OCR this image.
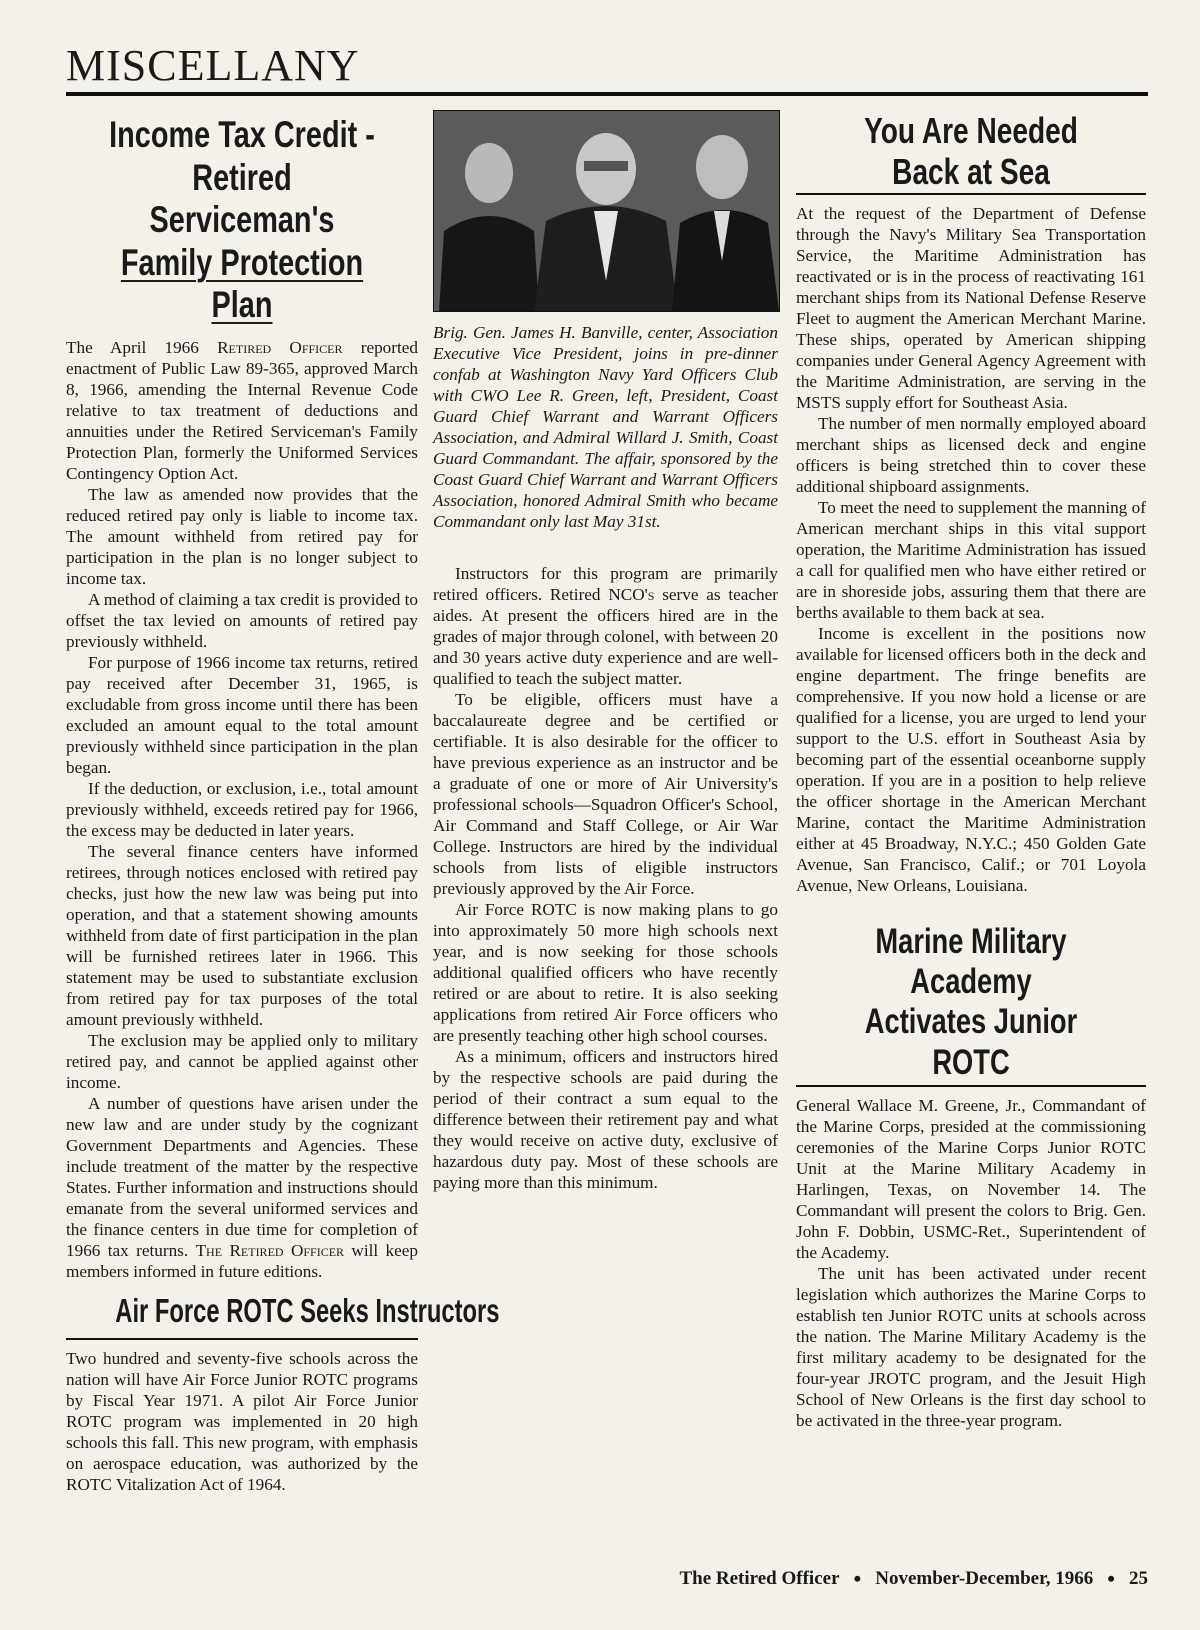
MISCELLANY
Income Tax Credit - Retired
Serviceman's
Family Protection Plan

The April 1966 Retired Officer reported enactment of Public Law 89-365, approved March 8, 1966, amending the Internal Revenue Code relative to tax treatment of deductions and annuities under the Retired Serviceman's Family Protection Plan, formerly the Uniformed Services Contingency Option Act.

The law as amended now provides that the reduced retired pay only is liable to income tax. The amount withheld from retired pay for participation in the plan is no longer subject to income tax.

A method of claiming a tax credit is provided to offset the tax levied on amounts of retired pay previously withheld.

For purpose of 1966 income tax returns, retired pay received after December 31, 1965, is excludable from gross income until there has been excluded an amount equal to the total amount previously withheld since participation in the plan began.

If the deduction, or exclusion, i.e., total amount previously withheld, exceeds retired pay for 1966, the excess may be deducted in later years.

The several finance centers have informed retirees, through notices enclosed with retired pay checks, just how the new law was being put into operation, and that a statement showing amounts withheld from date of first participation in the plan will be furnished retirees later in 1966. This statement may be used to substantiate exclusion from retired pay for tax purposes of the total amount previously withheld.

The exclusion may be applied only to military retired pay, and cannot be applied against other income.

A number of questions have arisen under the new law and are under study by the cognizant Government Departments and Agencies. These include treatment of the matter by the respective States. Further information and instructions should emanate from the several uniformed services and the finance centers in due time for completion of 1966 tax returns. The Retired Officer will keep members informed in future editions.

Air Force ROTC Seeks Instructors

Two hundred and seventy-five schools across the nation will have Air Force Junior ROTC programs by Fiscal Year 1971. A pilot Air Force Junior ROTC program was implemented in 20 high schools this fall. This new program, with emphasis on aerospace education, was authorized by the ROTC Vitalization Act of 1964.

Brig. Gen. James H. Banville, center, Association Executive Vice President, joins in pre-dinner confab at Washington Navy Yard Officers Club with CWO Lee R. Green, left, President, Coast Guard Chief Warrant and Warrant Officers Association, and Admiral Willard J. Smith, Coast Guard Commandant. The affair, sponsored by the Coast Guard Chief Warrant and Warrant Officers Association, honored Admiral Smith who became Commandant only last May 31st.

Instructors for this program are primarily retired officers. Retired NCO's serve as teacher aides. At present the officers hired are in the grades of major through colonel, with between 20 and 30 years active duty experience and are well-qualified to teach the subject matter.

To be eligible, officers must have a baccalaureate degree and be certified or certifiable. It is also desirable for the officer to have previous experience as an instructor and be a graduate of one or more of Air University's professional schools—Squadron Officer's School, Air Command and Staff College, or Air War College. Instructors are hired by the individual schools from lists of eligible instructors previously approved by the Air Force.

Air Force ROTC is now making plans to go into approximately 50 more high schools next year, and is now seeking for those schools additional qualified officers who have recently retired or are about to retire. It is also seeking applications from retired Air Force officers who are presently teaching other high school courses.

As a minimum, officers and instructors hired by the respective schools are paid during the period of their contract a sum equal to the difference between their retirement pay and what they would receive on active duty, exclusive of hazardous duty pay. Most of these schools are paying more than this minimum.

You Are Needed Back at Sea

At the request of the Department of Defense through the Navy's Military Sea Transportation Service, the Maritime Administration has reactivated or is in the process of reactivating 161 merchant ships from its National Defense Reserve Fleet to augment the American Merchant Marine. These ships, operated by American shipping companies under General Agency Agreement with the Maritime Administration, are serving in the MSTS supply effort for Southeast Asia.

The number of men normally employed aboard merchant ships as licensed deck and engine officers is being stretched thin to cover these additional shipboard assignments.

To meet the need to supplement the manning of American merchant ships in this vital support operation, the Maritime Administration has issued a call for qualified men who have either retired or are in shoreside jobs, assuring them that there are berths available to them back at sea.

Income is excellent in the positions now available for licensed officers both in the deck and engine department. The fringe benefits are comprehensive. If you now hold a license or are qualified for a license, you are urged to lend your support to the U.S. effort in Southeast Asia by becoming part of the essential oceanborne supply operation. If you are in a position to help relieve the officer shortage in the American Merchant Marine, contact the Maritime Administration either at 45 Broadway, N.Y.C.; 450 Golden Gate Avenue, San Francisco, Calif.; or 701 Loyola Avenue, New Orleans, Louisiana.

Marine Military Academy
Activates Junior ROTC

General Wallace M. Greene, Jr., Commandant of the Marine Corps, presided at the commissioning ceremonies of the Marine Corps Junior ROTC Unit at the Marine Military Academy in Harlingen, Texas, on November 14. The Commandant will present the colors to Brig. Gen. John F. Dobbin, USMC-Ret., Superintendent of the Academy.

The unit has been activated under recent legislation which authorizes the Marine Corps to establish ten Junior ROTC units at schools across the nation. The Marine Military Academy is the first military academy to be designated for the four-year JROTC program, and the Jesuit High School of New Orleans is the first day school to be activated in the three-year program.

The Retired Officer • November-December, 1966 • 25
